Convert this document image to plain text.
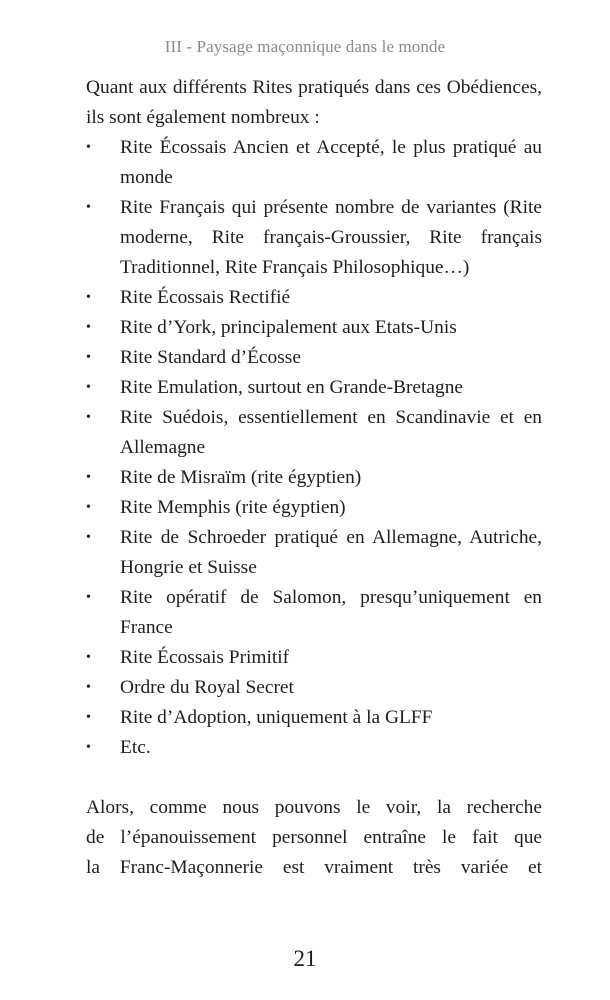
III - Paysage maçonnique dans le monde

Quant aux différents Rites pratiqués dans ces Obédiences, ils sont également nombreux :

•	Rite Écossais Ancien et Accepté, le plus pratiqué au monde
•	Rite Français qui présente nombre de variantes (Rite moderne, Rite français-Groussier, Rite français Traditionnel, Rite Français Philosophique…)
•	Rite Écossais Rectifié
•	Rite d’York, principalement aux Etats-Unis
•	Rite Standard d’Écosse
•	Rite Emulation, surtout en Grande-Bretagne
•	Rite Suédois, essentiellement en Scandinavie et en Allemagne
•	Rite de Misraïm (rite égyptien)
•	Rite Memphis (rite égyptien)
•	Rite de Schroeder pratiqué en Allemagne, Autriche, Hongrie et Suisse
•	Rite opératif de Salomon, presqu’uniquement en France
•	Rite Écossais Primitif
•	Ordre du Royal Secret
•	Rite d’Adoption, uniquement à la GLFF
•	Etc.

Alors, comme nous pouvons le voir, la recherche
de l’épanouissement personnel entraîne le fait que
la Franc-Maçonnerie est vraiment très variée et

21
